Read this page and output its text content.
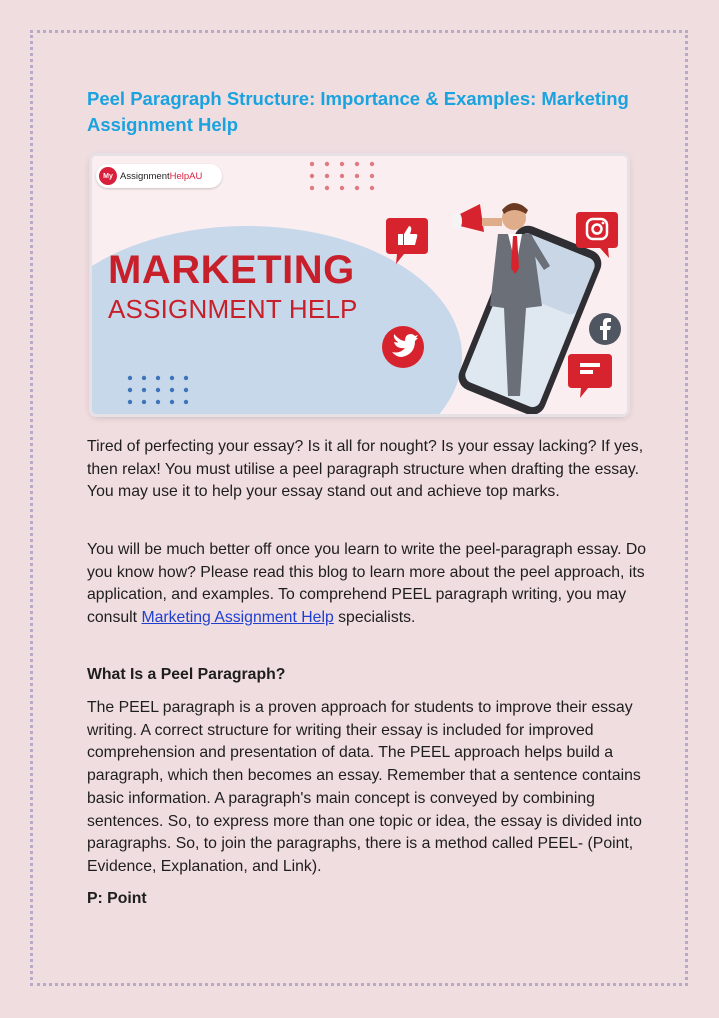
Peel Paragraph Structure: Importance & Examples: Marketing Assignment Help
My AssignmentHelpAU
MARKETING
ASSIGNMENT HELP
Tired of perfecting your essay? Is it all for nought? Is your essay lacking? If yes, then relax! You must utilise a peel paragraph structure when drafting the essay. You may use it to help your essay stand out and achieve top marks.
You will be much better off once you learn to write the peel-paragraph essay. Do you know how? Please read this blog to learn more about the peel approach, its application, and examples. To comprehend PEEL paragraph writing, you may consult Marketing Assignment Help specialists.
What Is a Peel Paragraph?
The PEEL paragraph is a proven approach for students to improve their essay writing. A correct structure for writing their essay is included for improved comprehension and presentation of data. The PEEL approach helps build a paragraph, which then becomes an essay. Remember that a sentence contains basic information. A paragraph's main concept is conveyed by combining sentences. So, to express more than one topic or idea, the essay is divided into paragraphs. So, to join the paragraphs, there is a method called PEEL- (Point, Evidence, Explanation, and Link).
P: Point
